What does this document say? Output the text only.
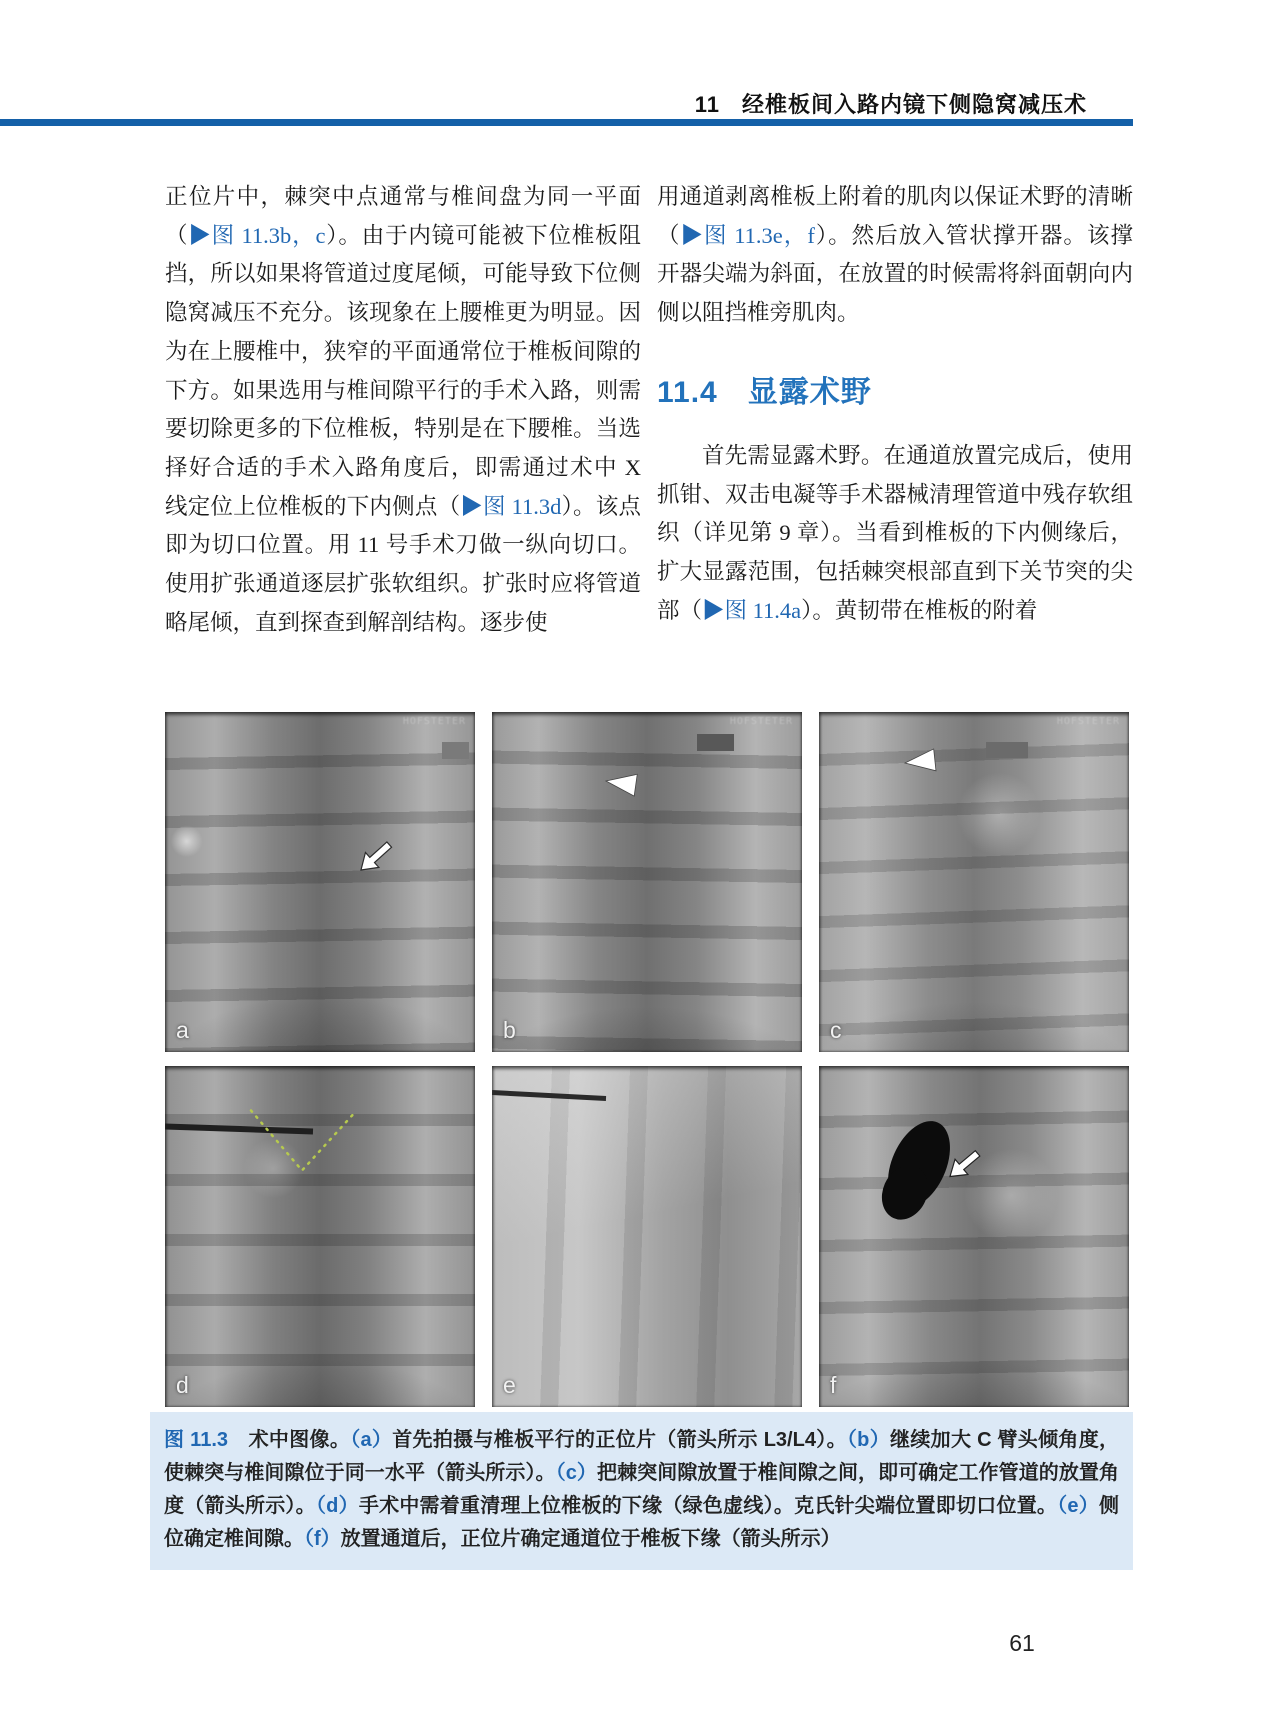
11 经椎板间入路内镜下侧隐窝减压术

正位片中，棘突中点通常与椎间盘为同一平面（▶图 11.3b，c）。由于内镜可能被下位椎板阻挡，所以如果将管道过度尾倾，可能导致下位侧隐窝减压不充分。该现象在上腰椎更为明显。因为在上腰椎中，狭窄的平面通常位于椎板间隙的下方。如果选用与椎间隙平行的手术入路，则需要切除更多的下位椎板，特别是在下腰椎。当选择好合适的手术入路角度后，即需通过术中 X 线定位上位椎板的下内侧点（▶图 11.3d）。该点即为切口位置。用 11 号手术刀做一纵向切口。使用扩张通道逐层扩张软组织。扩张时应将管道略尾倾，直到探查到解剖结构。逐步使

用通道剥离椎板上附着的肌肉以保证术野的清晰（▶图 11.3e，f）。然后放入管状撑开器。该撑开器尖端为斜面，在放置的时候需将斜面朝向内侧以阻挡椎旁肌肉。

11.4 显露术野

首先需显露术野。在通道放置完成后，使用抓钳、双击电凝等手术器械清理管道中残存软组织（详见第 9 章）。当看到椎板的下内侧缘后，扩大显露范围，包括棘突根部直到下关节突的尖部（▶图 11.4a）。黄韧带在椎板的附着

HOFSTETER
a
HOFSTETER
b
HOFSTETER
c
d	e	f
图 11.3　术中图像。（a）首先拍摄与椎板平行的正位片（箭头所示 L3/L4）。（b）继续加大 C 臂头倾角度，使棘突与椎间隙位于同一水平（箭头所示）。（c）把棘突间隙放置于椎间隙之间，即可确定工作管道的放置角度（箭头所示）。（d）手术中需着重清理上位椎板的下缘（绿色虚线）。克氏针尖端位置即切口位置。（e）侧位确定椎间隙。（f）放置通道后，正位片确定通道位于椎板下缘（箭头所示）
61
